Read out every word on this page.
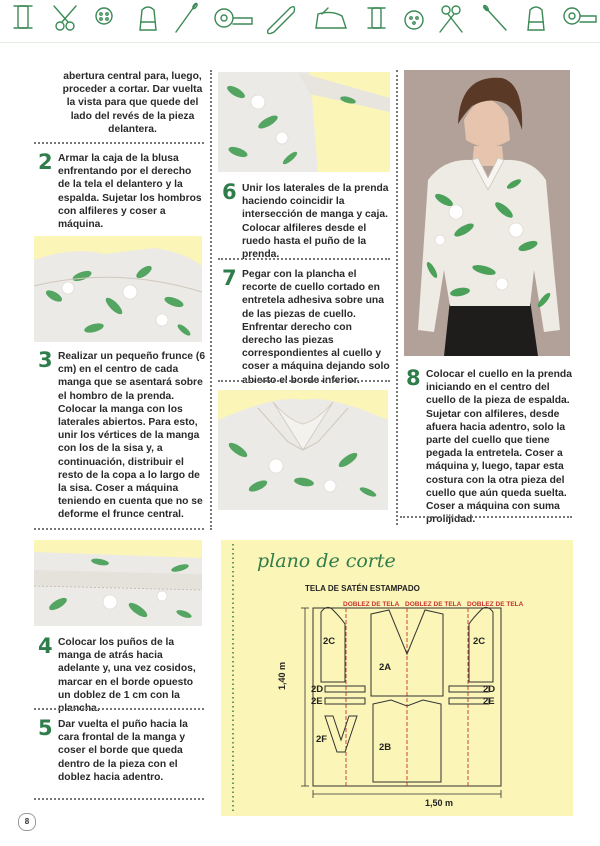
abertura central para, luego, proceder a cortar. Dar vuelta la vista para que quede del lado del revés de la pieza delantera.
2 Armar la caja de la blusa enfrentando por el derecho de la tela el delantero y la espalda. Sujetar los hombros con alfileres y coser a máquina.
3 Realizar un pequeño frunce (6 cm) en el centro de cada manga que se asentará sobre el hombro de la prenda. Colocar la manga con los laterales abiertos. Para esto, unir los vértices de la manga con los de la sisa y, a continuación, distribuir el resto de la copa a lo largo de la sisa. Coser a máquina teniendo en cuenta que no se deforme el frunce central.
4 Colocar los puños de la manga de atrás hacia adelante y, una vez cosidos, marcar en el borde opuesto un doblez de 1 cm con la plancha.
5 Dar vuelta el puño hacia la cara frontal de la manga y coser el borde que queda dentro de la pieza con el doblez hacia adentro.
6 Unir los laterales de la prenda haciendo coincidir la intersección de manga y caja. Colocar alfileres desde el ruedo hasta el puño de la prenda.
7 Pegar con la plancha el recorte de cuello cortado en entretela adhesiva sobre una de las piezas de cuello. Enfrentar derecho con derecho las piezas correspondientes al cuello y coser a máquina dejando solo abierto el borde inferior.	8 Colocar el cuello en la prenda iniciando en el centro del cuello de la pieza de espalda. Sujetar con alfileres, desde afuera hacia adentro, solo la parte del cuello que tiene pegada la entretela. Coser a máquina y, luego, tapar esta costura con la otra pieza del cuello que aún queda suelta. Coser a máquina con suma prolijidad.
plano de corte
TELA DE SATÉN ESTAMPADO
DOBLEZ DE TELA DOBLEZ DE TELA DOBLEZ DE TELA
2C	2C
2A
2D
2E
2D
2E
2F
2B
1,40 m
1,50 m
8
